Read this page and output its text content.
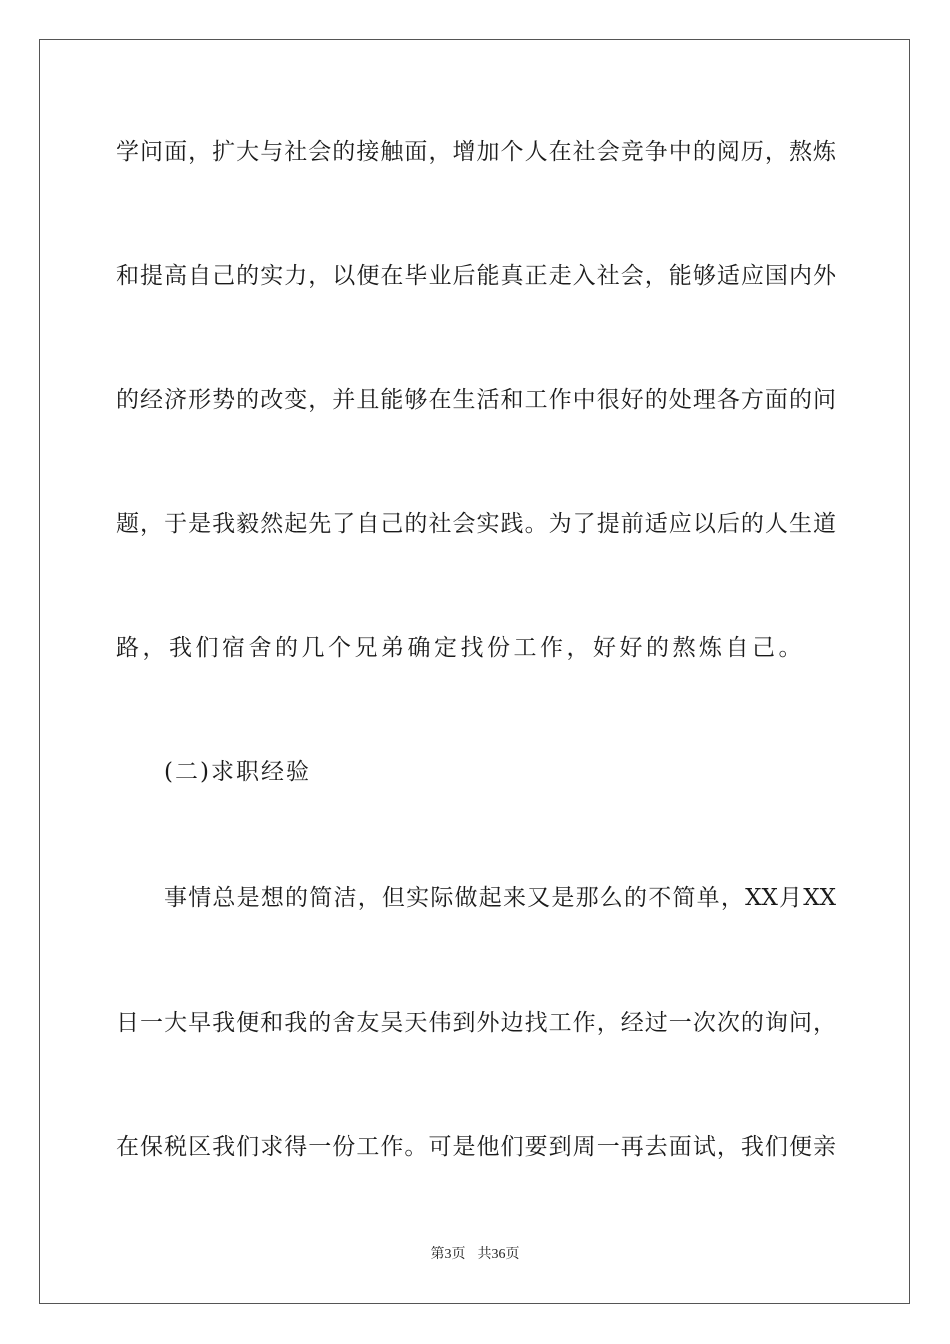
学问面，扩大与社会的接触面，增加个人在社会竞争中的阅历，熬炼
和提高自己的实力，以便在毕业后能真正走入社会，能够适应国内外
的经济形势的改变，并且能够在生活和工作中很好的处理各方面的问
题，于是我毅然起先了自己的社会实践。为了提前适应以后的人生道
路，我们宿舍的几个兄弟确定找份工作，好好的熬炼自己。
(二)求职经验
事情总是想的简洁，但实际做起来又是那么的不简单，XX月XX
日一大早我便和我的舍友吴天伟到外边找工作，经过一次次的询问，
在保税区我们求得一份工作。可是他们要到周一再去面试，我们便亲
第3页 共36页
